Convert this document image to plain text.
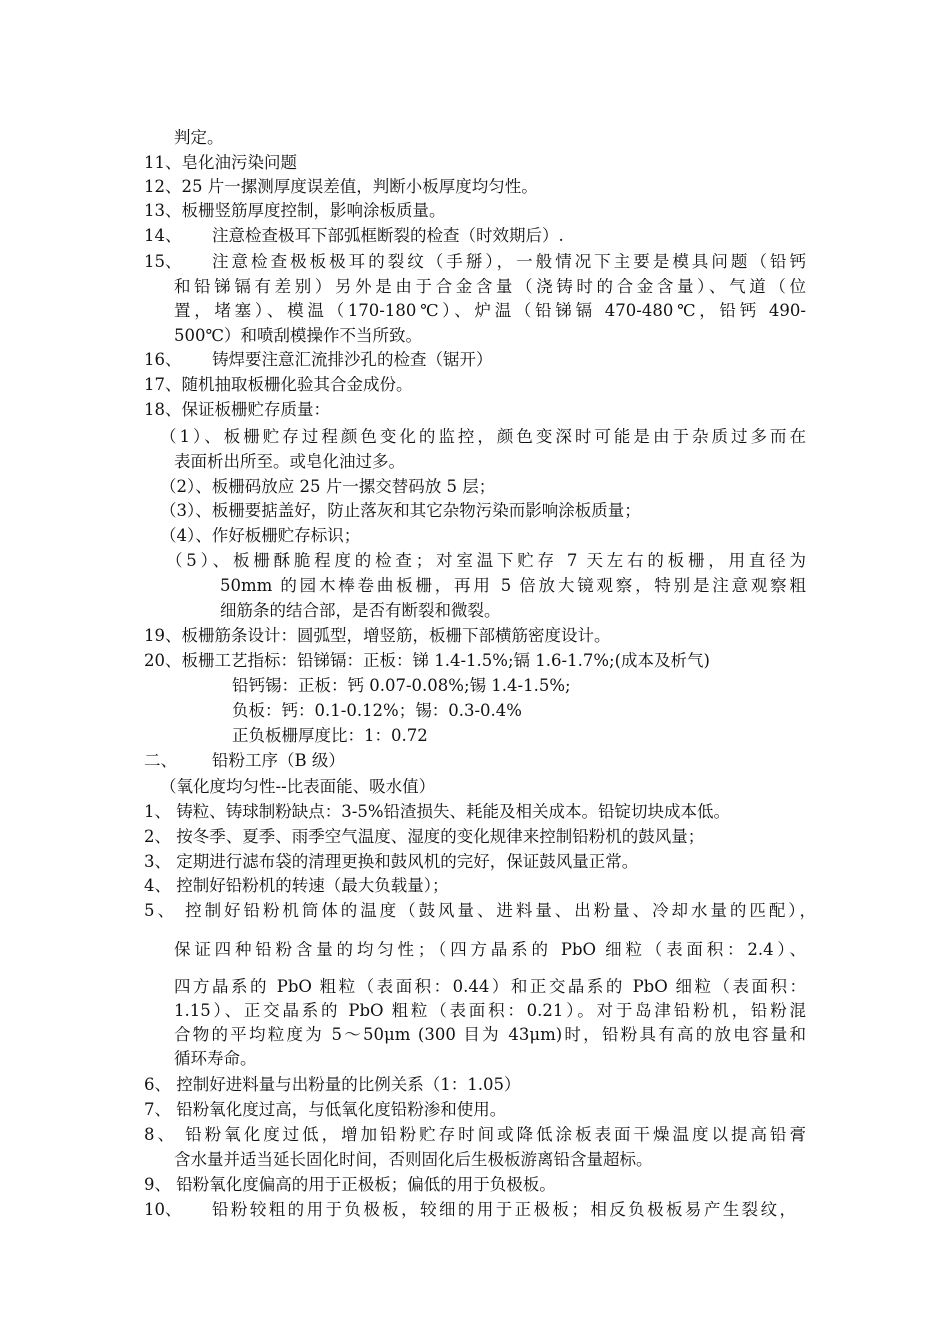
判定。
11、皂化油污染问题
12、25 片一摞测厚度误差值，判断小板厚度均匀性。
13、板栅竖筋厚度控制，影响涂板质量。
14、 注意检查极耳下部弧框断裂的检查（时效期后）.
15、 注意检查极板极耳的裂纹（手掰），一般情况下主要是模具问题（铅钙
和铅锑镉有差别）另外是由于合金含量（浇铸时的合金含量）、气道（位
置，堵塞）、模温（170-180℃）、炉温（铅锑镉 470-480℃，铅钙 490-
500℃）和喷刮模操作不当所致。
16、 铸焊要注意汇流排沙孔的检查（锯开）
17、随机抽取板栅化验其合金成份。
18、保证板栅贮存质量：
（1）、板栅贮存过程颜色变化的监控，颜色变深时可能是由于杂质过多而在
表面析出所至。或皂化油过多。
（2）、板栅码放应 25 片一摞交替码放 5 层；
（3）、板栅要掂盖好，防止落灰和其它杂物污染而影响涂板质量；
（4）、作好板栅贮存标识；
（5）、板栅酥脆程度的检查；对室温下贮存 7 天左右的板栅，用直径为
50mm 的园木棒卷曲板栅，再用 5 倍放大镜观察，特别是注意观察粗
细筋条的结合部，是否有断裂和微裂。
19、板栅筋条设计：圆弧型，增竖筋，板栅下部横筋密度设计。
20、板栅工艺指标：铅锑镉：正板：锑 1.4-1.5%;镉 1.6-1.7%;(成本及析气)
铅钙锡：正板：钙 0.07-0.08%;锡 1.4-1.5%;
负板：钙：0.1-0.12%；锡：0.3-0.4%
正负板栅厚度比：1：0.72
二、 铅粉工序（B 级）
（氧化度均匀性--比表面能、吸水值）
1、 铸粒、铸球制粉缺点：3-5%铅渣损失、耗能及相关成本。铅锭切块成本低。
2、 按冬季、夏季、雨季空气温度、湿度的变化规律来控制铅粉机的鼓风量；
3、 定期进行滤布袋的清理更换和鼓风机的完好，保证鼓风量正常。
4、 控制好铅粉机的转速（最大负载量）；
5、 控制好铅粉机筒体的温度（鼓风量、进料量、出粉量、冷却水量的匹配），
保证四种铅粉含量的均匀性；（四方晶系的 PbO 细粒（表面积：2.4）、
四方晶系的 PbO 粗粒（表面积：0.44）和正交晶系的 PbO 细粒（表面积：
1.15）、正交晶系的 PbO 粗粒（表面积：0.21）。对于岛津铅粉机，铅粉混
合物的平均粒度为 5～50μm (300 目为 43μm)时，铅粉具有高的放电容量和
循环寿命。
6、 控制好进料量与出粉量的比例关系（1：1.05）
7、 铅粉氧化度过高，与低氧化度铅粉渗和使用。
8、 铅粉氧化度过低，增加铅粉贮存时间或降低涂板表面干燥温度以提高铅膏
含水量并适当延长固化时间，否则固化后生极板游离铅含量超标。
9、 铅粉氧化度偏高的用于正极板；偏低的用于负极板。
10、 铅粉较粗的用于负极板，较细的用于正极板；相反负极板易产生裂纹，
